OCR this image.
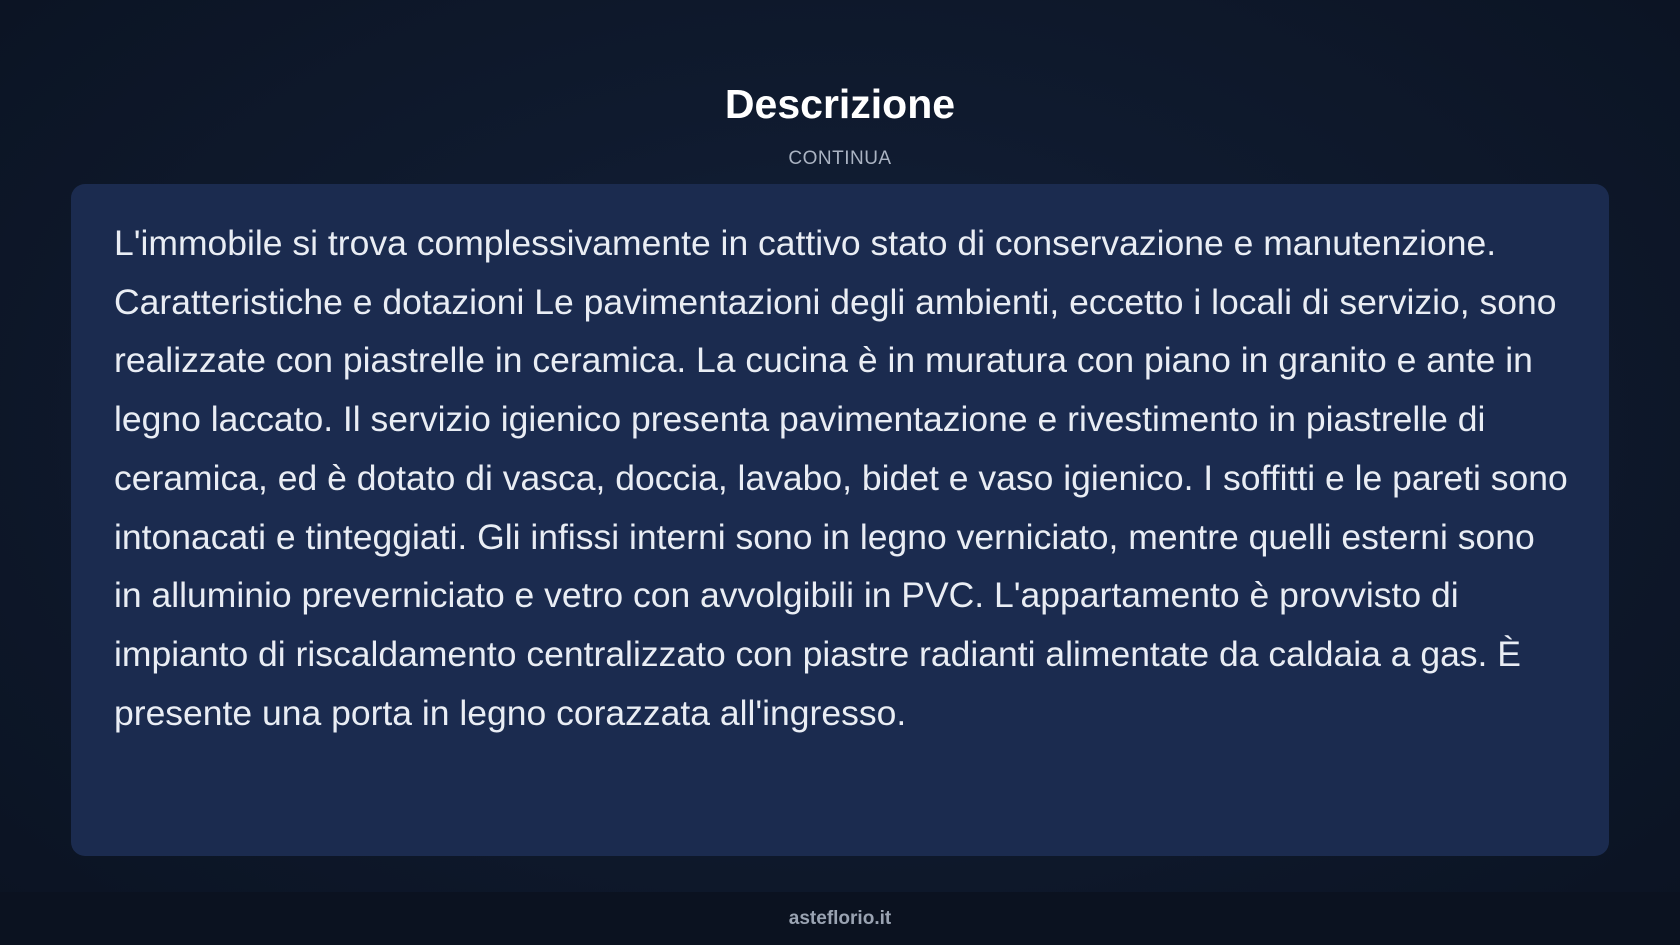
Descrizione
CONTINUA

L'immobile si trova complessivamente in cattivo stato di conservazione e manutenzione. Caratteristiche e dotazioni Le pavimentazioni degli ambienti, eccetto i locali di servizio, sono realizzate con piastrelle in ceramica. La cucina è in muratura con piano in granito e ante in legno laccato. Il servizio igienico presenta pavimentazione e rivestimento in piastrelle di ceramica, ed è dotato di vasca, doccia, lavabo, bidet e vaso igienico. I soffitti e le pareti sono intonacati e tinteggiati. Gli infissi interni sono in legno verniciato, mentre quelli esterni sono in alluminio preverniciato e vetro con avvolgibili in PVC. L'appartamento è provvisto di impianto di riscaldamento centralizzato con piastre radianti alimentate da caldaia a gas. È presente una porta in legno corazzata all'ingresso.

asteflorio.it
